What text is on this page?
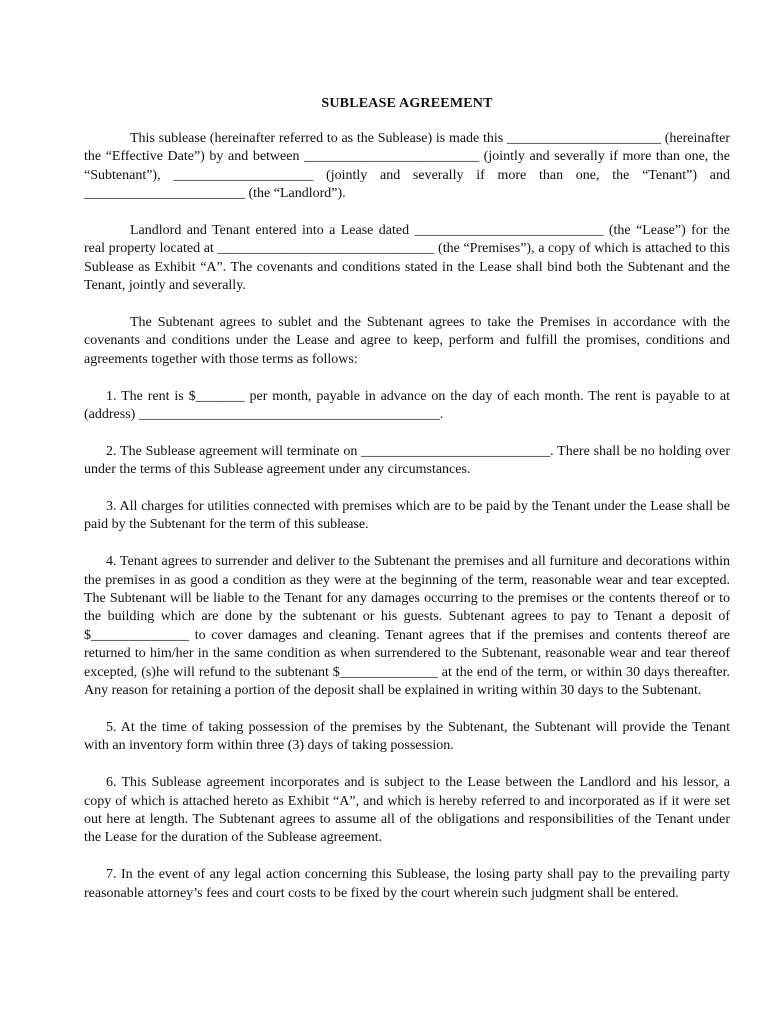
SUBLEASE AGREEMENT

This sublease (hereinafter referred to as the Sublease) is made this ______________________ (hereinafter the “Effective Date”) by and between _________________________ (jointly and severally if more than one, the “Subtenant”), ____________________ (jointly and severally if more than one, the “Tenant”) and _______________________ (the “Landlord”).

Landlord and Tenant entered into a Lease dated ___________________________ (the “Lease”) for the real property located at _______________________________ (the “Premises”), a copy of which is attached to this Sublease as Exhibit “A”. The covenants and conditions stated in the Lease shall bind both the Subtenant and the Tenant, jointly and severally.

The Subtenant agrees to sublet and the Subtenant agrees to take the Premises in accordance with the covenants and conditions under the Lease and agree to keep, perform and fulfill the promises, conditions and agreements together with those terms as follows:

1. The rent is $_______ per month, payable in advance on the day of each month. The rent is payable to at (address) ___________________________________________.

2. The Sublease agreement will terminate on ___________________________. There shall be no holding over under the terms of this Sublease agreement under any circumstances.

3. All charges for utilities connected with premises which are to be paid by the Tenant under the Lease shall be paid by the Subtenant for the term of this sublease.

4. Tenant agrees to surrender and deliver to the Subtenant the premises and all furniture and decorations within the premises in as good a condition as they were at the beginning of the term, reasonable wear and tear excepted. The Subtenant will be liable to the Tenant for any damages occurring to the premises or the contents thereof or to the building which are done by the subtenant or his guests. Subtenant agrees to pay to Tenant a deposit of $______________ to cover damages and cleaning. Tenant agrees that if the premises and contents thereof are returned to him/her in the same condition as when surrendered to the Subtenant, reasonable wear and tear thereof excepted, (s)he will refund to the subtenant $______________ at the end of the term, or within 30 days thereafter. Any reason for retaining a portion of the deposit shall be explained in writing within 30 days to the Subtenant.

5. At the time of taking possession of the premises by the Subtenant, the Subtenant will provide the Tenant with an inventory form within three (3) days of taking possession.

6. This Sublease agreement incorporates and is subject to the Lease between the Landlord and his lessor, a copy of which is attached hereto as Exhibit “A”, and which is hereby referred to and incorporated as if it were set out here at length. The Subtenant agrees to assume all of the obligations and responsibilities of the Tenant under the Lease for the duration of the Sublease agreement.

7. In the event of any legal action concerning this Sublease, the losing party shall pay to the prevailing party reasonable attorney’s fees and court costs to be fixed by the court wherein such judgment shall be entered.
